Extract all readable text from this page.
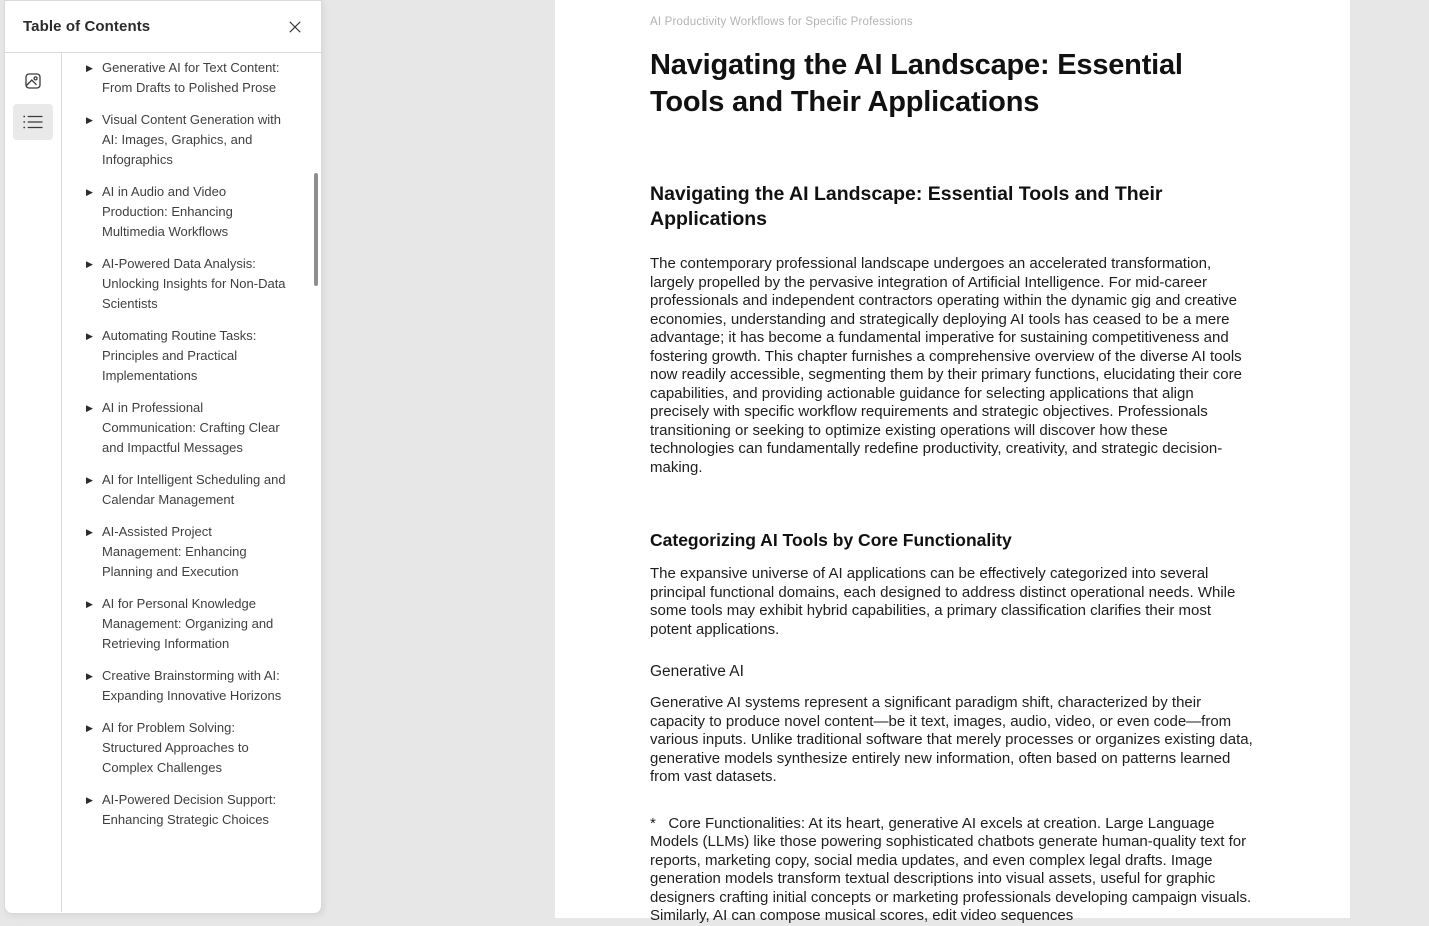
AI Productivity Workflows for Specific Professions

Navigating the AI Landscape: Essential Tools and Their Applications
Navigating the AI Landscape: Essential Tools and Their Applications

The contemporary professional landscape undergoes an accelerated transformation, largely propelled by the pervasive integration of Artificial Intelligence. For mid-career professionals and independent contractors operating within the dynamic gig and creative economies, understanding and strategically deploying AI tools has ceased to be a mere advantage; it has become a fundamental imperative for sustaining competitiveness and fostering growth. This chapter furnishes a comprehensive overview of the diverse AI tools now readily accessible, segmenting them by their primary functions, elucidating their core capabilities, and providing actionable guidance for selecting applications that align precisely with specific workflow requirements and strategic objectives. Professionals transitioning or seeking to optimize existing operations will discover how these technologies can fundamentally redefine productivity, creativity, and strategic decision-making.

Categorizing AI Tools by Core Functionality

The expansive universe of AI applications can be effectively categorized into several principal functional domains, each designed to address distinct operational needs. While some tools may exhibit hybrid capabilities, a primary classification clarifies their most potent applications.

Generative AI

Generative AI systems represent a significant paradigm shift, characterized by their capacity to produce novel content—be it text, images, audio, video, or even code—from various inputs. Unlike traditional software that merely processes or organizes existing data, generative models synthesize entirely new information, often based on patterns learned from vast datasets.

*   Core Functionalities: At its heart, generative AI excels at creation. Large Language Models (LLMs) like those powering sophisticated chatbots generate human-quality text for reports, marketing copy, social media updates, and even complex legal drafts. Image generation models transform textual descriptions into visual assets, useful for graphic designers crafting initial concepts or marketing professionals developing campaign visuals. Similarly, AI can compose musical scores, edit video sequences

Table of Contents
▶ Generative AI for Text Content: From Drafts to Polished Prose
▶ Visual Content Generation with AI: Images, Graphics, and Infographics
▶ AI in Audio and Video Production: Enhancing Multimedia Workflows
▶ AI-Powered Data Analysis: Unlocking Insights for Non-Data Scientists
▶ Automating Routine Tasks: Principles and Practical Implementations
▶ AI in Professional Communication: Crafting Clear and Impactful Messages
▶ AI for Intelligent Scheduling and Calendar Management
▶ AI-Assisted Project Management: Enhancing Planning and Execution
▶ AI for Personal Knowledge Management: Organizing and Retrieving Information
▶ Creative Brainstorming with AI: Expanding Innovative Horizons
▶ AI for Problem Solving: Structured Approaches to Complex Challenges
▶ AI-Powered Decision Support: Enhancing Strategic Choices
